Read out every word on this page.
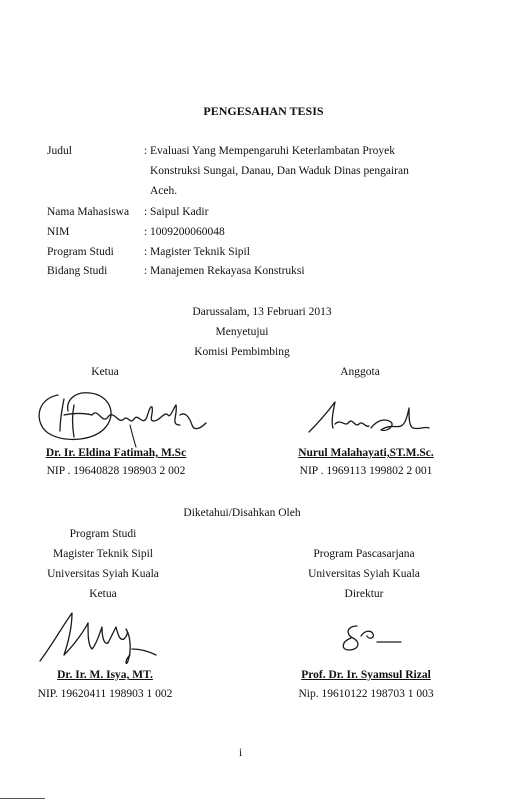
PENGESAHAN TESIS
Judul	: Evaluasi Yang Mempengaruhi Keterlambatan Proyek
Konstruksi Sungai, Danau, Dan Waduk Dinas pengairan
Aceh.
Nama Mahasiswa : Saipul Kadir
NIM	: 1009200060048
Program Studi	: Magister Teknik Sipil
Bidang Studi	: Manajemen Rekayasa Konstruksi
Darussalam, 13 Februari 2013
Menyetujui
Komisi Pembimbing
Ketua	Anggota
Dr. Ir. Eldina Fatimah, M.Sc
NIP . 19640828 198903 2 002
Nurul Malahayati,ST.M.Sc.
NIP . 1969113 199802 2 001
Diketahui/Disahkan Oleh
Program Studi
Magister Teknik Sipil
Universitas Syiah Kuala
Ketua
Program Pascasarjana
Universitas Syiah Kuala
Direktur
Dr. Ir. M. Isya, MT.
NIP. 19620411 198903 1 002
Prof. Dr. Ir. Syamsul Rizal
Nip. 19610122 198703 1 003
i
